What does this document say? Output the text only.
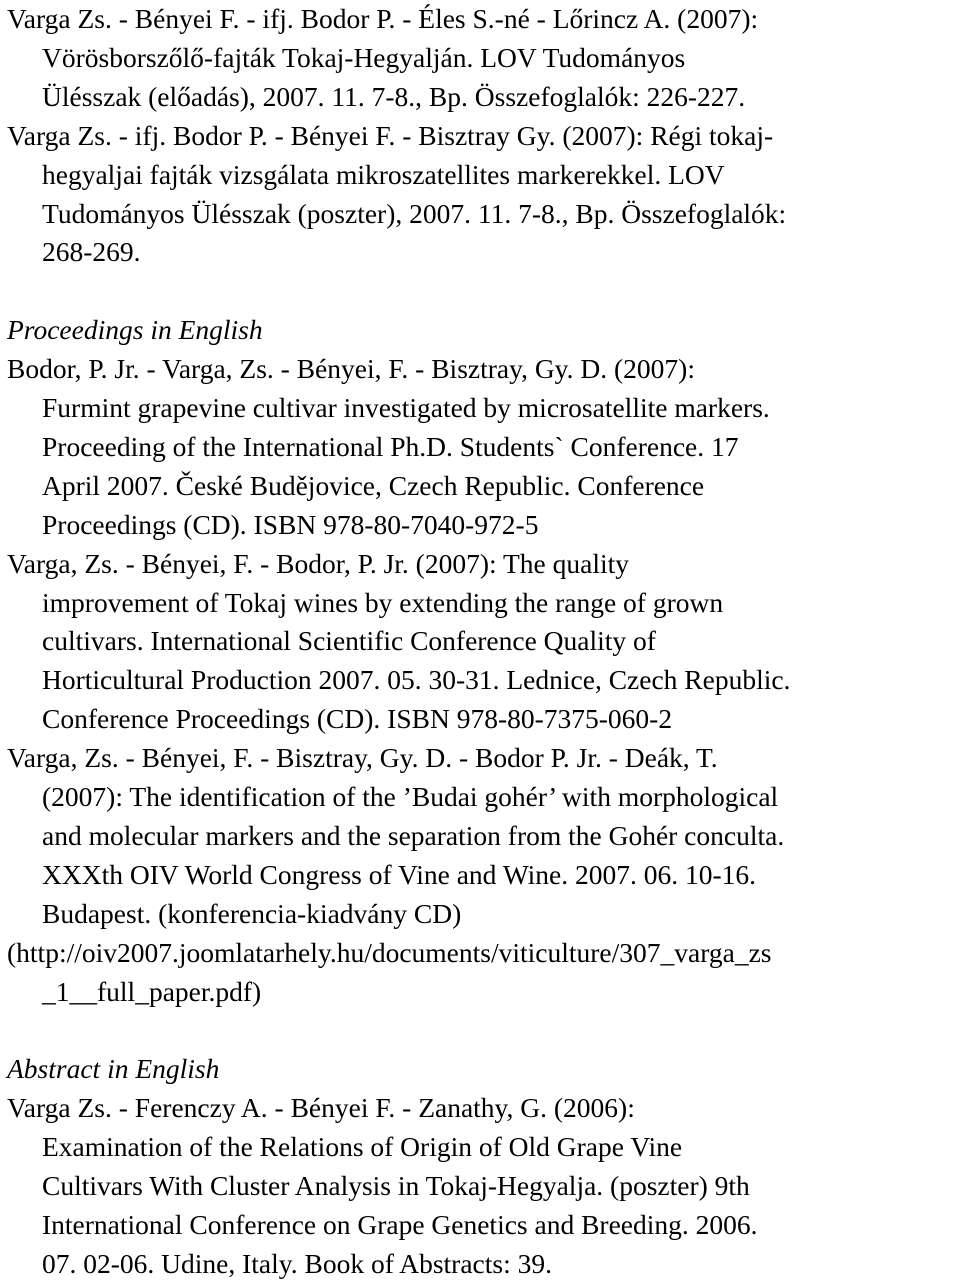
Varga Zs. - Bényei F. - ifj. Bodor P. - Éles S.-né - Lőrincz A. (2007):
Vörösborszőlő-fajták Tokaj-Hegyalján. LOV Tudományos
Ülésszak (előadás), 2007. 11. 7-8., Bp. Összefoglalók: 226-227.
Varga Zs. - ifj. Bodor P. - Bényei F. - Bisztray Gy. (2007): Régi tokaj-
hegyaljai fajták vizsgálata mikroszatellites markerekkel. LOV
Tudományos Ülésszak (poszter), 2007. 11. 7-8., Bp. Összefoglalók:
268-269.
Proceedings in English
Bodor, P. Jr. - Varga, Zs. - Bényei, F. - Bisztray, Gy. D. (2007):
Furmint grapevine cultivar investigated by microsatellite markers.
Proceeding of the International Ph.D. Students` Conference. 17
April 2007. České Budějovice, Czech Republic. Conference
Proceedings (CD). ISBN 978-80-7040-972-5
Varga, Zs. - Bényei, F. - Bodor, P. Jr. (2007): The quality
improvement of Tokaj wines by extending the range of grown
cultivars. International Scientific Conference Quality of
Horticultural Production 2007. 05. 30-31. Lednice, Czech Republic.
Conference Proceedings (CD). ISBN 978-80-7375-060-2
Varga, Zs. - Bényei, F. - Bisztray, Gy. D. - Bodor P. Jr. - Deák, T.
(2007): The identification of the ’Budai gohér’ with morphological
and molecular markers and the separation from the Gohér conculta.
XXXth OIV World Congress of Vine and Wine. 2007. 06. 10-16.
Budapest. (konferencia-kiadvány CD)
(http://oiv2007.joomlatarhely.hu/documents/viticulture/307_varga_zs
_1__full_paper.pdf)
Abstract in English
Varga Zs. - Ferenczy A. - Bényei F. - Zanathy, G. (2006):
Examination of the Relations of Origin of Old Grape Vine
Cultivars With Cluster Analysis in Tokaj-Hegyalja. (poszter) 9th
International Conference on Grape Genetics and Breeding. 2006.
07. 02-06. Udine, Italy. Book of Abstracts: 39.
